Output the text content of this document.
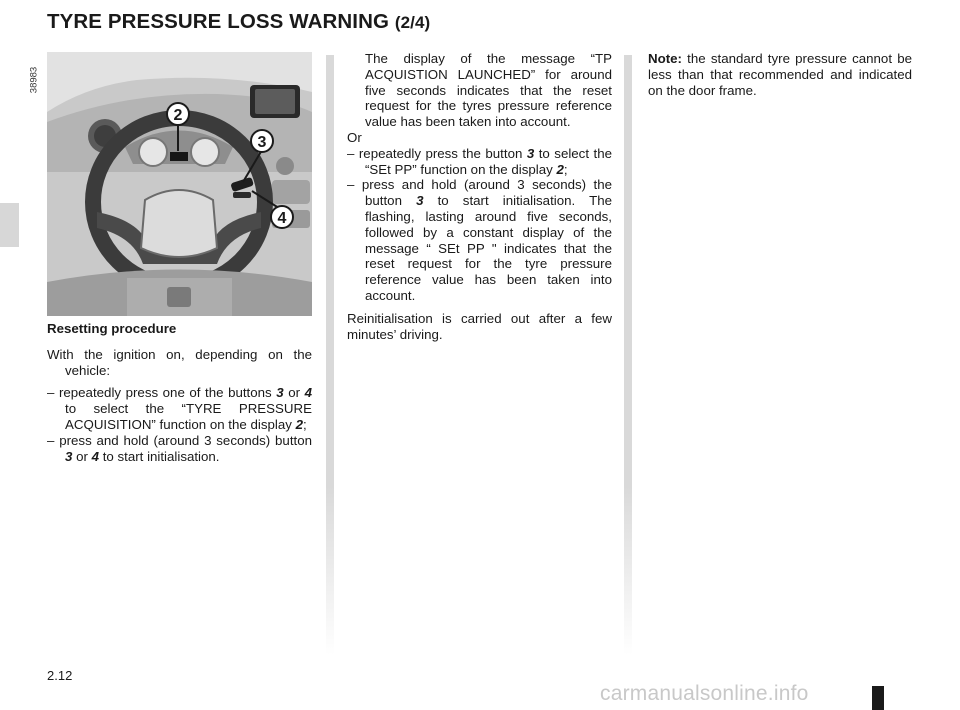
TYRE PRESSURE LOSS WARNING (2/4)
38983
2
3
4

Resetting procedure

With the ignition on, depending on the vehicle:

– repeatedly press one of the buttons 3 or 4 to select the “TYRE PRESSURE ACQUISITION” function on the display 2;

– press and hold (around 3 seconds) button 3 or 4 to start initialisation.

The display of the message “TP ACQUISTION LAUNCHED” for around five seconds indicates that the reset request for the tyres pressure reference value has been taken into account.

Or

– repeatedly press the button 3 to select the “SEt PP” function on the display 2;

– press and hold (around 3 seconds) the button 3 to start initialisation. The flashing, lasting around five seconds, followed by a constant display of the message “ SEt PP " indicates that the reset request for the tyre pressure reference value has been taken into account.

Reinitialisation is carried out after a few minutes’ driving.

Note: the standard tyre pressure cannot be less than that recommended and indicated on the door frame.

2.12
carmanualsonline.info
